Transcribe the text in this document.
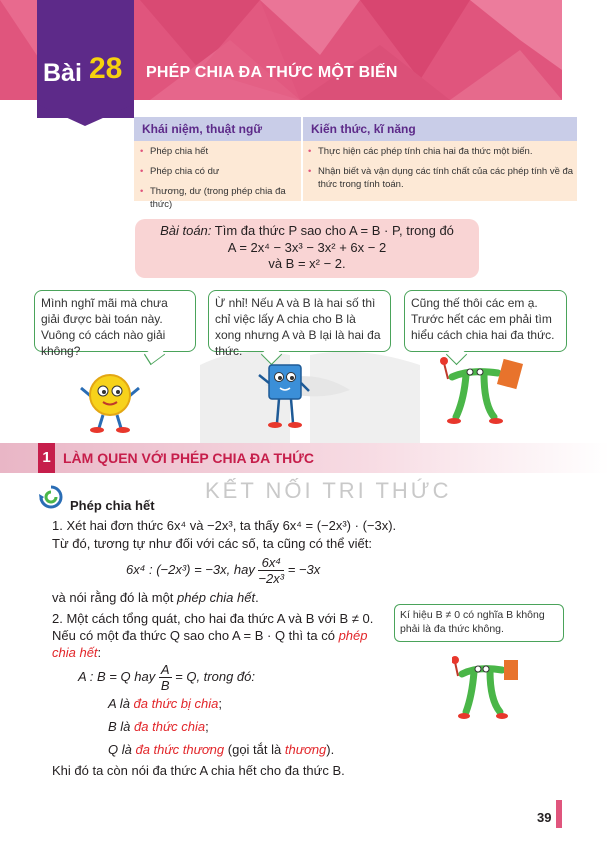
Bài 28 PHÉP CHIA ĐA THỨC MỘT BIẾN
Khái niệm, thuật ngữ	Kiến thức, kĩ năng
• Phép chia hết
• Phép chia có dư
• Thương, dư (trong phép chia đa thức)
• Thực hiện các phép tính chia hai đa thức một biến.
• Nhận biết và vận dụng các tính chất của các phép tính về đa thức trong tính toán.
Bài toán: Tìm đa thức P sao cho A = B · P, trong đó
A = 2x⁴ − 3x³ − 3x² + 6x − 2
và B = x² − 2.
KẾT NỐI TRI THỨC
Mình nghĩ mãi mà chưa giải được bài toán này. Vuông có cách nào giải không?
Ừ nhỉ! Nếu A và B là hai số thì chỉ việc lấy A chia cho B là xong nhưng A và B lại là hai đa thức.
Cũng thế thôi các em ạ. Trước hết các em phải tìm hiểu cách chia hai đa thức.
1 LÀM QUEN VỚI PHÉP CHIA ĐA THỨC
Phép chia hết
1. Xét hai đơn thức 6x⁴ và −2x³, ta thấy 6x⁴ = (−2x³) · (−3x).
Từ đó, tương tự như đối với các số, ta cũng có thể viết:
6x⁴ : (−2x³) = −3x, hay $\frac{\text{6x⁴}}{\text{−2x³}} = -3x$
và nói rằng đó là một phép chia hết.
2. Một cách tổng quát, cho hai đa thức A và B với B ≠ 0. Nếu có một đa thức Q sao cho A = B · Q thì ta có phép chia hết:
A : B = Q hay $\frac{A}{B} = Q$, trong đó:
A là đa thức bị chia;
B là đa thức chia;
Q là đa thức thương (gọi tắt là thương).
Khi đó ta còn nói đa thức A chia hết cho đa thức B.
Kí hiệu B ≠ 0 có nghĩa B không phải là đa thức không.
39
